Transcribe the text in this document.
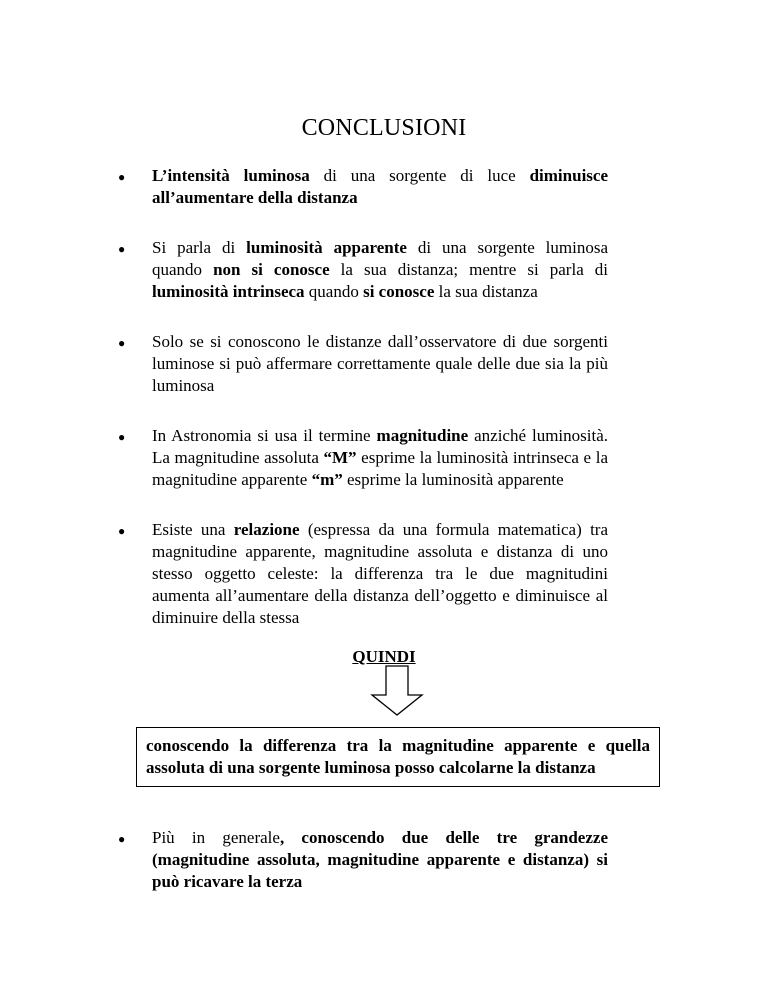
CONCLUSIONI
● L’intensità luminosa di una sorgente di luce diminuisce all’aumentare della distanza
● Si parla di luminosità apparente di una sorgente luminosa quando non si conosce la sua distanza; mentre si parla di luminosità intrinseca quando si conosce la sua distanza
● Solo se si conoscono le distanze dall’osservatore di due sorgenti luminose si può affermare correttamente quale delle due sia la più luminosa
● In Astronomia si usa il termine magnitudine anziché luminosità. La magnitudine assoluta “M” esprime la luminosità intrinseca e la magnitudine apparente “m” esprime la luminosità apparente
● Esiste una relazione (espressa da una formula matematica) tra magnitudine apparente, magnitudine assoluta e distanza di uno stesso oggetto celeste: la differenza tra le due magnitudini aumenta all’aumentare della distanza dell’oggetto e diminuisce al diminuire della stessa
QUINDI
conoscendo la differenza tra la magnitudine apparente e quella assoluta di una sorgente luminosa posso calcolarne la distanza
● Più in generale, conoscendo due delle tre grandezze (magnitudine assoluta, magnitudine apparente e distanza) si può ricavare la terza
